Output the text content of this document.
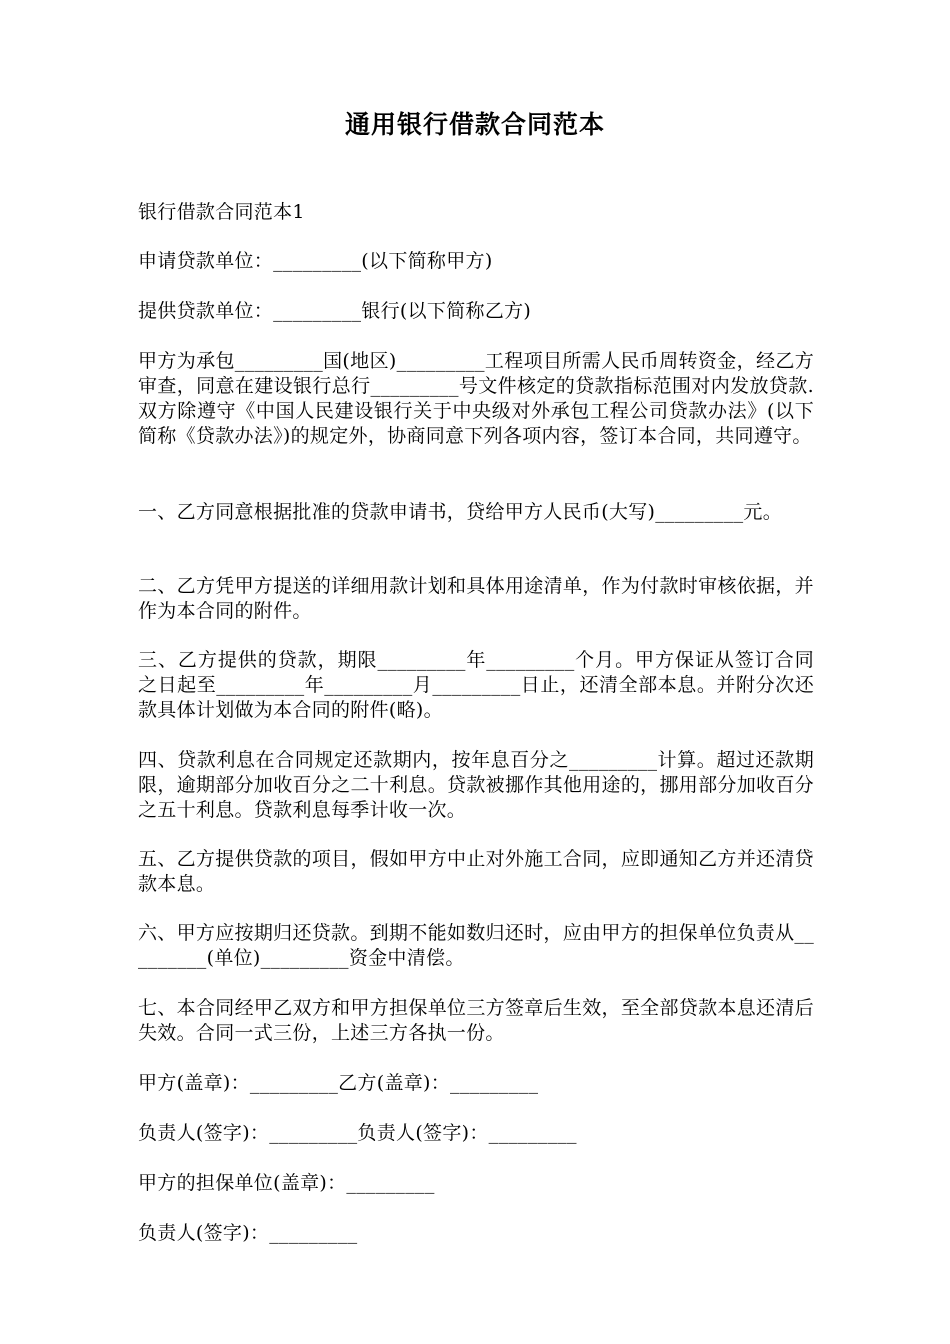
通用银行借款合同范本
银行借款合同范本1
申请贷款单位：_________(以下简称甲方)
提供贷款单位：_________银行(以下简称乙方)
甲方为承包_________国(地区)_________工程项目所需人民币周转资金，经乙方审查，同意在建设银行总行_________号文件核定的贷款指标范围对内发放贷款.双方除遵守《中国人民建设银行关于中央级对外承包工程公司贷款办法》(以下简称《贷款办法》)的规定外，协商同意下列各项内容，签订本合同，共同遵守。
一、乙方同意根据批准的贷款申请书，贷给甲方人民币(大写)_________元。
二、乙方凭甲方提送的详细用款计划和具体用途清单，作为付款时审核依据，并作为本合同的附件。
三、乙方提供的贷款，期限_________年_________个月。甲方保证从签订合同之日起至_________年_________月_________日止，还清全部本息。并附分次还款具体计划做为本合同的附件(略)。
四、贷款利息在合同规定还款期内，按年息百分之_________计算。超过还款期限，逾期部分加收百分之二十利息。贷款被挪作其他用途的，挪用部分加收百分之五十利息。贷款利息每季计收一次。
五、乙方提供贷款的项目，假如甲方中止对外施工合同，应即通知乙方并还清贷款本息。
六、甲方应按期归还贷款。到期不能如数归还时，应由甲方的担保单位负责从_________(单位)_________资金中清偿。
七、本合同经甲乙双方和甲方担保单位三方签章后生效，至全部贷款本息还清后失效。合同一式三份，上述三方各执一份。
甲方(盖章)：_________乙方(盖章)：_________
负责人(签字)：_________负责人(签字)：_________
甲方的担保单位(盖章)：_________
负责人(签字)：_________
